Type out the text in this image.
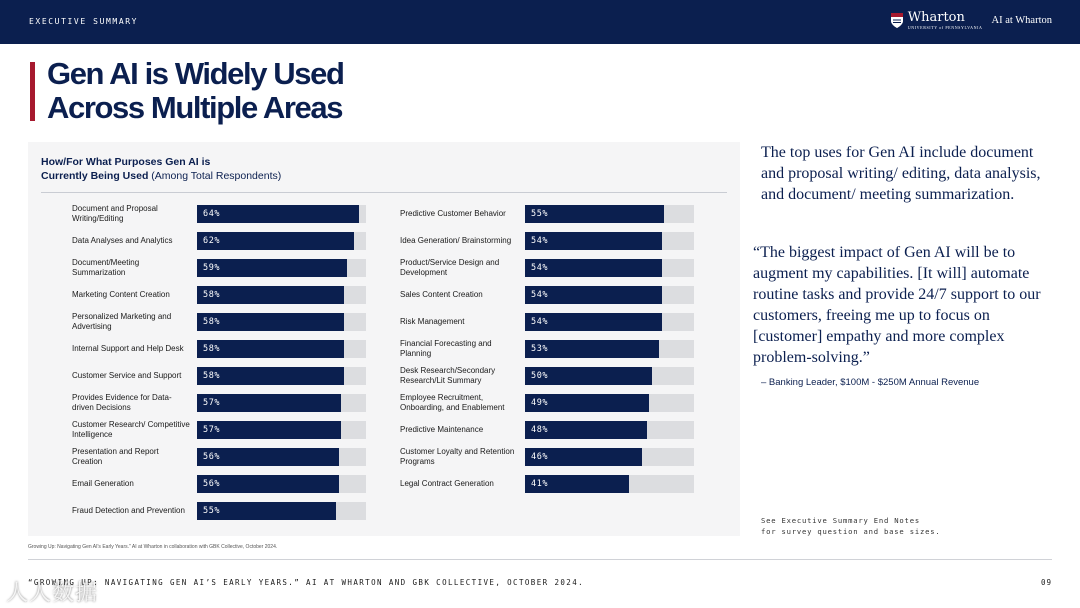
EXECUTIVE SUMMARY	Wharton
UNIVERSITY of PENNSYLVANIA
AI at Wharton
Gen AI is Widely Used
Across Multiple Areas
How/For What Purposes Gen AI is
Currently Being Used (Among Total Respondents)
Document and Proposal Writing/Editing	64%
Data Analyses and Analytics	62%
Document/Meeting Summarization	59%
Marketing Content Creation	58%
Personalized Marketing and Advertising	58%
Internal Support and Help Desk	58%
Customer Service and Support	58%
Provides Evidence for Data-driven Decisions	57%
Customer Research/ Competitive Intelligence	57%
Presentation and Report Creation	56%
Email Generation	56%
Fraud Detection and Prevention	55%
Predictive Customer Behavior	55%
Idea Generation/ Brainstorming	54%
Product/Service Design and Development	54%
Sales Content Creation	54%
Risk Management	54%
Financial Forecasting and Planning	53%
Desk Research/Secondary Research/Lit Summary	50%
Employee Recruitment, Onboarding, and Enablement	49%
Predictive Maintenance	48%
Customer Loyalty and Retention Programs	46%
Legal Contract Generation	41%
Growing Up: Navigating Gen AI's Early Years." AI at Wharton in collaboration with GBK Collective, October 2024.
The top uses for Gen AI include document and proposal writing/ editing, data analysis, and document/ meeting summarization.
“The biggest impact of Gen AI will be to augment my capabilities. [It will] automate routine tasks and provide 24/7 support to our customers, freeing me up to focus on [customer] empathy and more complex problem-solving.”
– Banking Leader, $100M - $250M Annual Revenue
See Executive Summary End Notes
for survey question and base sizes.
“GROWING UP: NAVIGATING GEN AI’S EARLY YEARS.” AI AT WHARTON AND GBK COLLECTIVE, OCTOBER 2024.	09
人人数据
